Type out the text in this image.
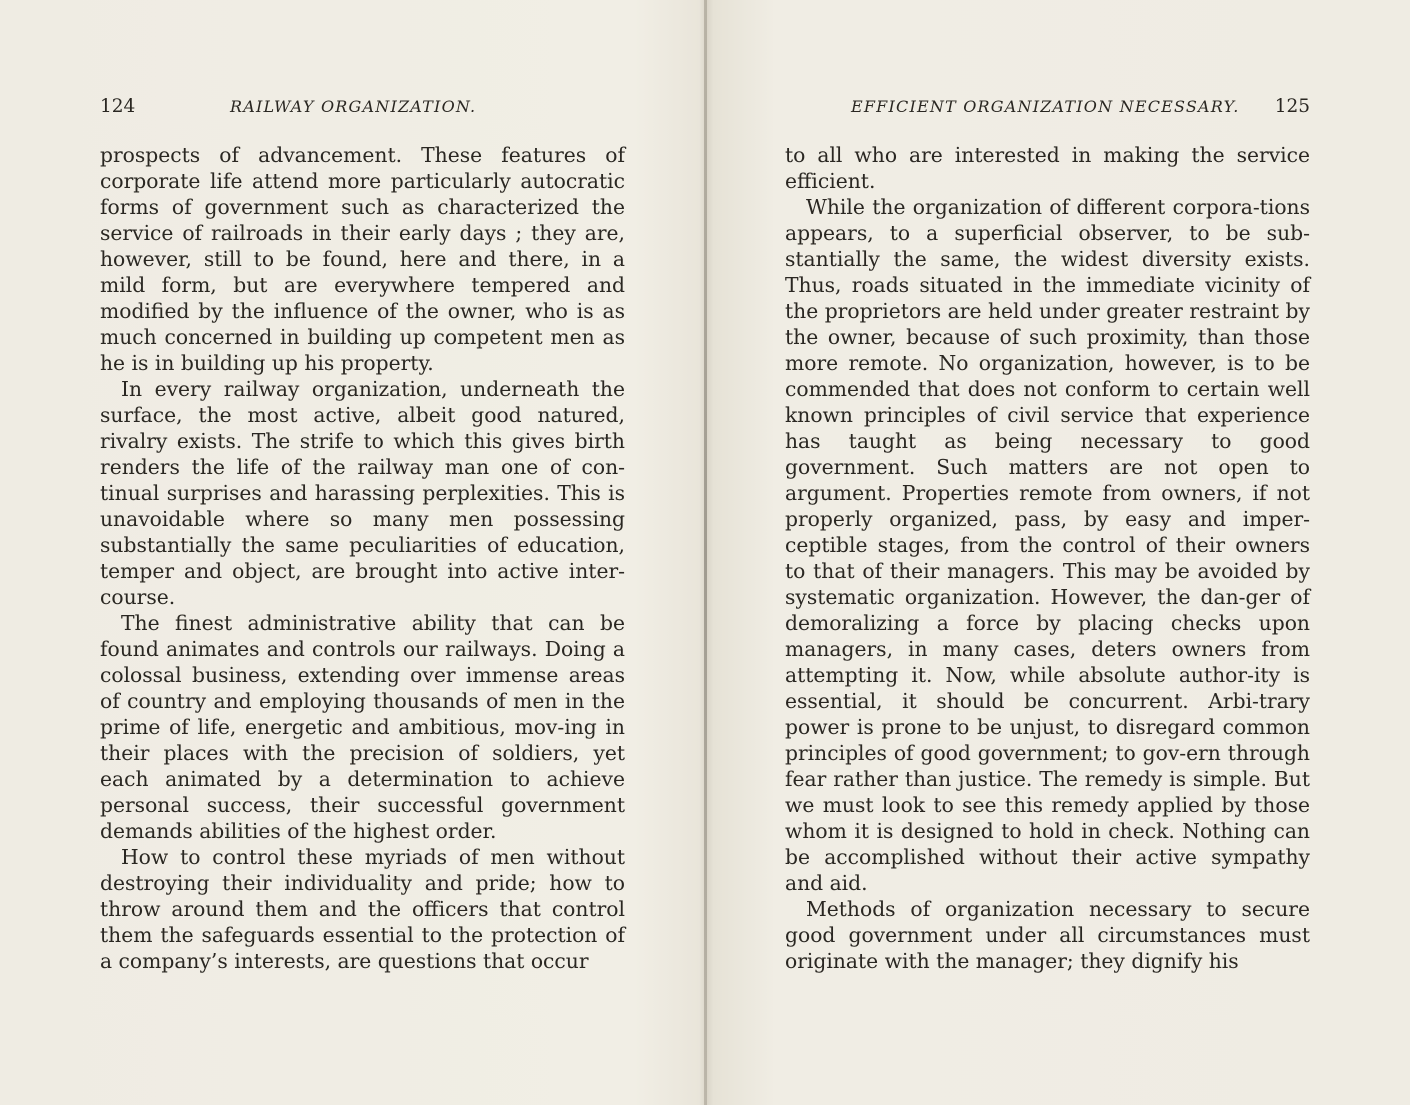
124	RAILWAY ORGANIZATION.

prospects of advancement. These features of corporate life attend more particularly autocratic forms of government such as characterized the service of railroads in their early days ; they are, however, still to be found, here and there, in a mild form, but are everywhere tempered and modified by the influence of the owner, who is as much concerned in building up competent men as he is in building up his property.

In every railway organization, underneath the surface, the most active, albeit good natured, rivalry exists. The strife to which this gives birth renders the life of the railway man one of con-tinual surprises and harassing perplexities. This is unavoidable where so many men possessing substantially the same peculiarities of education, temper and object, are brought into active inter-course.

The finest administrative ability that can be found animates and controls our railways. Doing a colossal business, extending over immense areas of country and employing thousands of men in the prime of life, energetic and ambitious, mov-ing in their places with the precision of soldiers, yet each animated by a determination to achieve personal success, their successful government demands abilities of the highest order.

How to control these myriads of men without destroying their individuality and pride; how to throw around them and the officers that control them the safeguards essential to the protection of a company’s interests, are questions that occur

EFFICIENT ORGANIZATION NECESSARY. 125

to all who are interested in making the service efficient.

While the organization of different corpora-tions appears, to a superficial observer, to be sub-stantially the same, the widest diversity exists. Thus, roads situated in the immediate vicinity of the proprietors are held under greater restraint by the owner, because of such proximity, than those more remote. No organization, however, is to be commended that does not conform to certain well known principles of civil service that experience has taught as being necessary to good government. Such matters are not open to argument. Properties remote from owners, if not properly organized, pass, by easy and imper-ceptible stages, from the control of their owners to that of their managers. This may be avoided by systematic organization. However, the dan-ger of demoralizing a force by placing checks upon managers, in many cases, deters owners from attempting it. Now, while absolute author-ity is essential, it should be concurrent. Arbi-trary power is prone to be unjust, to disregard common principles of good government; to gov-ern through fear rather than justice. The remedy is simple. But we must look to see this remedy applied by those whom it is designed to hold in check. Nothing can be accomplished without their active sympathy and aid.

Methods of organization necessary to secure good government under all circumstances must originate with the manager; they dignify his
